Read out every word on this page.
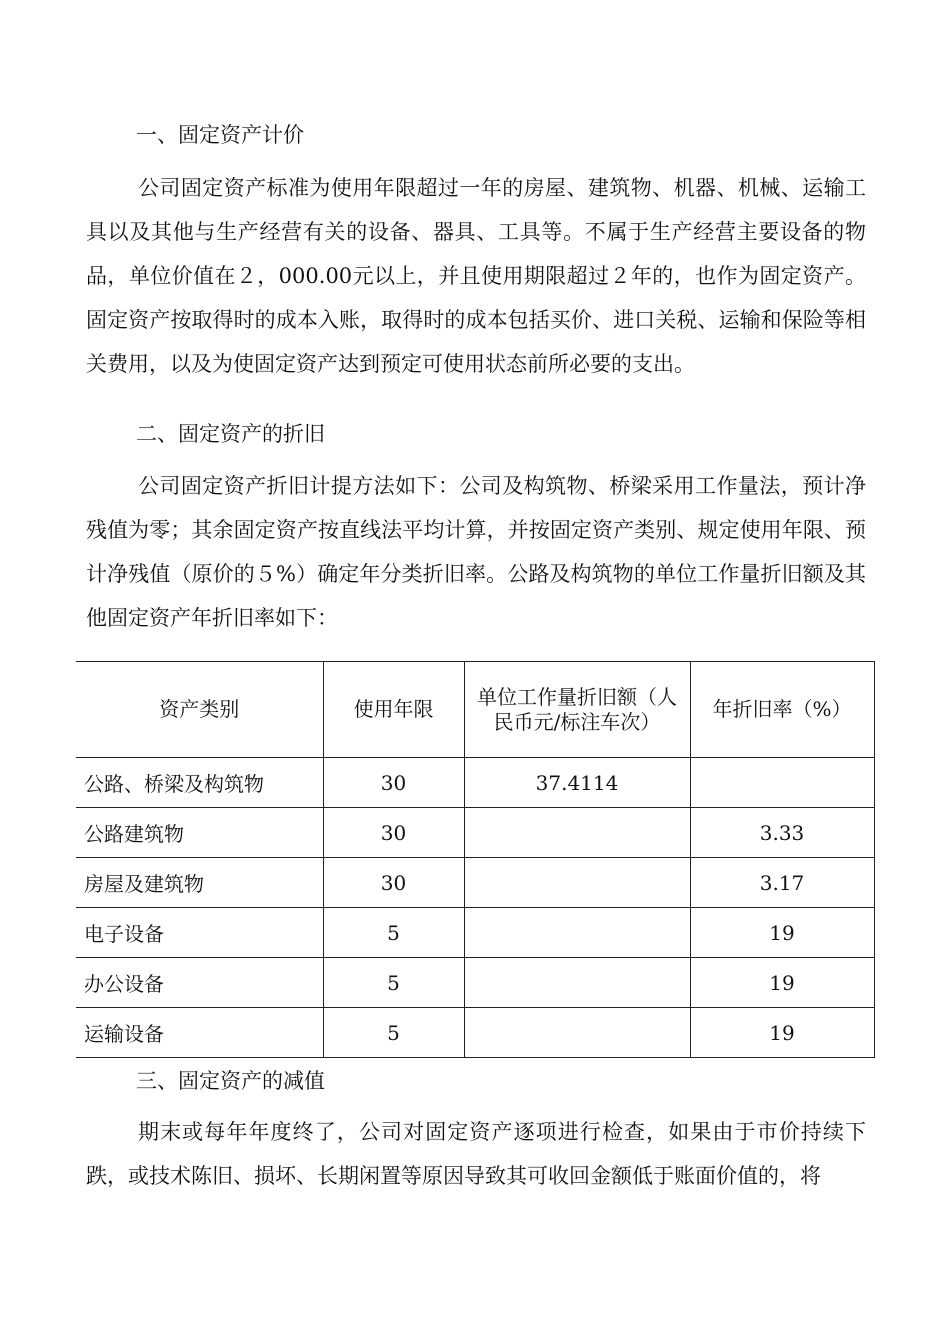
一、固定资产计价

公司固定资产标准为使用年限超过一年的房屋、建筑物、机器、机械、运输工具以及其他与生产经营有关的设备、器具、工具等。不属于生产经营主要设备的物品，单位价值在２，000.00元以上，并且使用期限超过２年的，也作为固定资产。固定资产按取得时的成本入账，取得时的成本包括买价、进口关税、运输和保险等相关费用，以及为使固定资产达到预定可使用状态前所必要的支出。

二、固定资产的折旧

公司固定资产折旧计提方法如下：公司及构筑物、桥梁采用工作量法，预计净残值为零；其余固定资产按直线法平均计算，并按固定资产类别、规定使用年限、预计净残值（原价的５%）确定年分类折旧率。公路及构筑物的单位工作量折旧额及其他固定资产年折旧率如下：

资产类别	使用年限	单位工作量折旧额（人民币元/标注车次）	年折旧率（%）
公路、桥梁及构筑物	30	37.4114	
公路建筑物	30		3.33
房屋及建筑物	30		3.17
电子设备	5		19
办公设备	5		19
运输设备	5		19

三、固定资产的减值

期末或每年年度终了，公司对固定资产逐项进行检查，如果由于市价持续下跌，或技术陈旧、损坏、长期闲置等原因导致其可收回金额低于账面价值的，将
